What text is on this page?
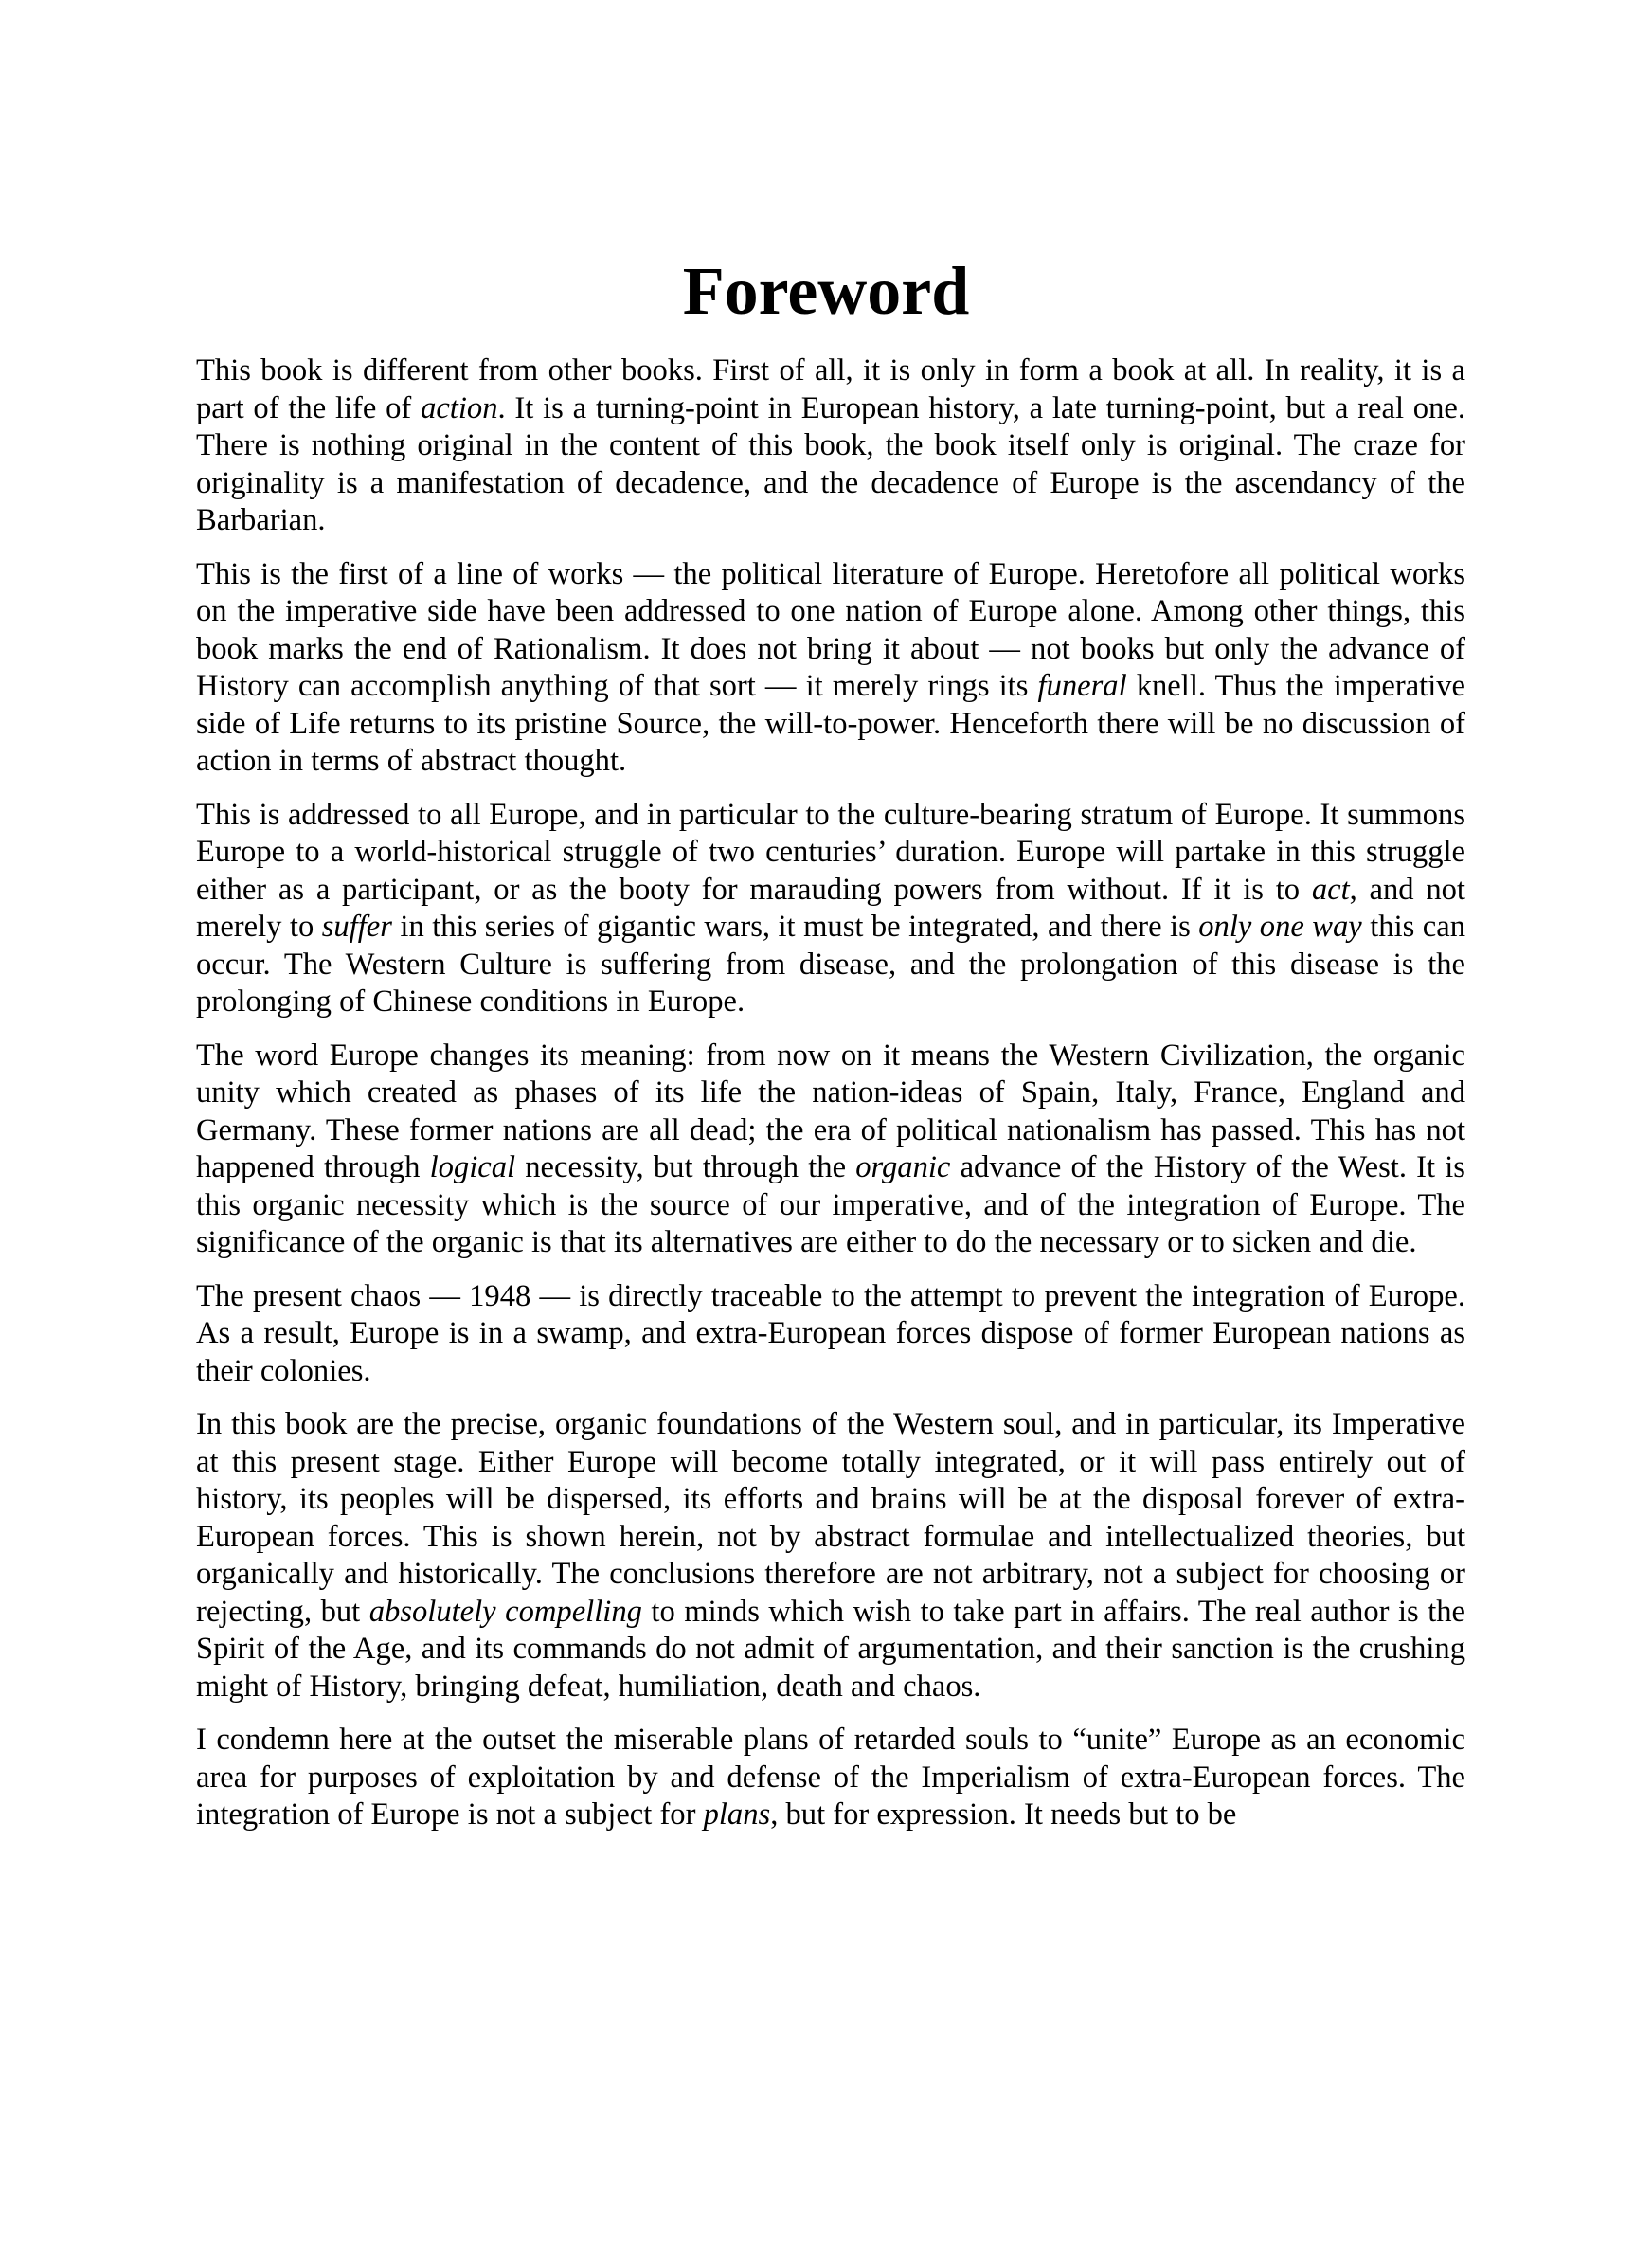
Foreword

This book is different from other books. First of all, it is only in form a book at all. In reality, it is a part of the life of action. It is a turning-point in European history, a late turning-point, but a real one. There is nothing original in the content of this book, the book itself only is original. The craze for originality is a manifestation of decadence, and the decadence of Europe is the ascendancy of the Barbarian.

This is the first of a line of works — the political literature of Europe. Heretofore all political works on the imperative side have been addressed to one nation of Europe alone. Among other things, this book marks the end of Rationalism. It does not bring it about — not books but only the advance of History can accomplish anything of that sort — it merely rings its funeral knell. Thus the imperative side of Life returns to its pristine Source, the will-to-power. Henceforth there will be no discussion of action in terms of abstract thought.

This is addressed to all Europe, and in particular to the culture-bearing stratum of Europe. It summons Europe to a world-historical struggle of two centuries’ duration. Europe will partake in this struggle either as a participant, or as the booty for marauding powers from without. If it is to act, and not merely to suffer in this series of gigantic wars, it must be integrated, and there is only one way this can occur. The Western Culture is suffering from disease, and the prolongation of this disease is the prolonging of Chinese conditions in Europe.

The word Europe changes its meaning: from now on it means the Western Civilization, the organic unity which created as phases of its life the nation-ideas of Spain, Italy, France, England and Germany. These former nations are all dead; the era of political nationalism has passed. This has not happened through logical necessity, but through the organic advance of the History of the West. It is this organic necessity which is the source of our imperative, and of the integration of Europe. The significance of the organic is that its alternatives are either to do the necessary or to sicken and die.

The present chaos — 1948 — is directly traceable to the attempt to prevent the integration of Europe. As a result, Europe is in a swamp, and extra-European forces dispose of former European nations as their colonies.

In this book are the precise, organic foundations of the Western soul, and in particular, its Imperative at this present stage. Either Europe will become totally integrated, or it will pass entirely out of history, its peoples will be dispersed, its efforts and brains will be at the disposal forever of extra-European forces. This is shown herein, not by abstract formulae and intellectualized theories, but organically and historically. The conclusions therefore are not arbitrary, not a subject for choosing or rejecting, but absolutely compelling to minds which wish to take part in affairs. The real author is the Spirit of the Age, and its commands do not admit of argumentation, and their sanction is the crushing might of History, bringing defeat, humiliation, death and chaos.

I condemn here at the outset the miserable plans of retarded souls to “unite” Europe as an economic area for purposes of exploitation by and defense of the Imperialism of extra-European forces. The integration of Europe is not a subject for plans, but for expression. It needs but to be
